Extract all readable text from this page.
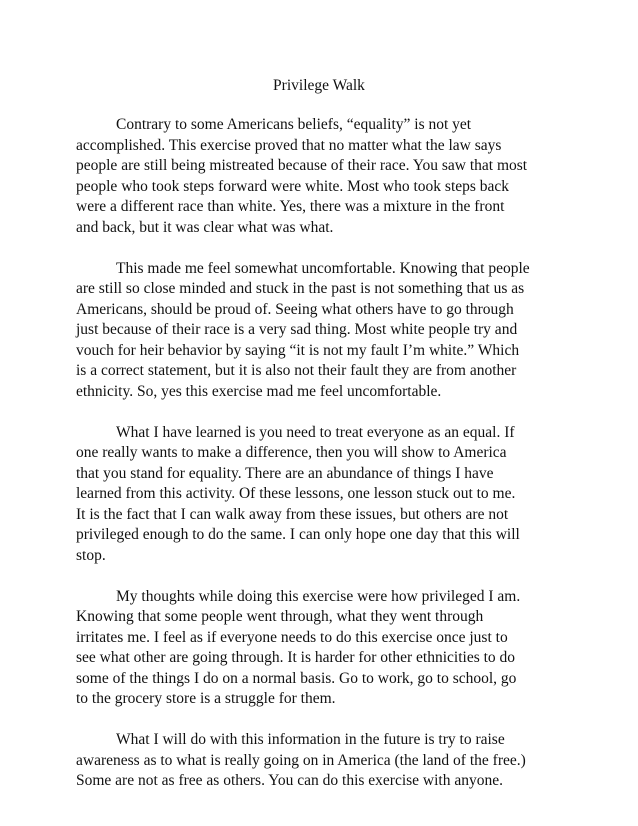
Privilege Walk

Contrary to some Americans beliefs, “equality” is not yet
accomplished. This exercise proved that no matter what the law says
people are still being mistreated because of their race. You saw that most
people who took steps forward were white. Most who took steps back
were a different race than white. Yes, there was a mixture in the front
and back, but it was clear what was what.

This made me feel somewhat uncomfortable. Knowing that people
are still so close minded and stuck in the past is not something that us as
Americans, should be proud of. Seeing what others have to go through
just because of their race is a very sad thing. Most white people try and
vouch for heir behavior by saying “it is not my fault I’m white.” Which
is a correct statement, but it is also not their fault they are from another
ethnicity. So, yes this exercise mad me feel uncomfortable.

What I have learned is you need to treat everyone as an equal. If
one really wants to make a difference, then you will show to America
that you stand for equality. There are an abundance of things I have
learned from this activity. Of these lessons, one lesson stuck out to me.
It is the fact that I can walk away from these issues, but others are not
privileged enough to do the same. I can only hope one day that this will
stop.

My thoughts while doing this exercise were how privileged I am.
Knowing that some people went through, what they went through
irritates me. I feel as if everyone needs to do this exercise once just to
see what other are going through. It is harder for other ethnicities to do
some of the things I do on a normal basis. Go to work, go to school, go
to the grocery store is a struggle for them.

What I will do with this information in the future is try to raise
awareness as to what is really going on in America (the land of the free.)
Some are not as free as others. You can do this exercise with anyone.
